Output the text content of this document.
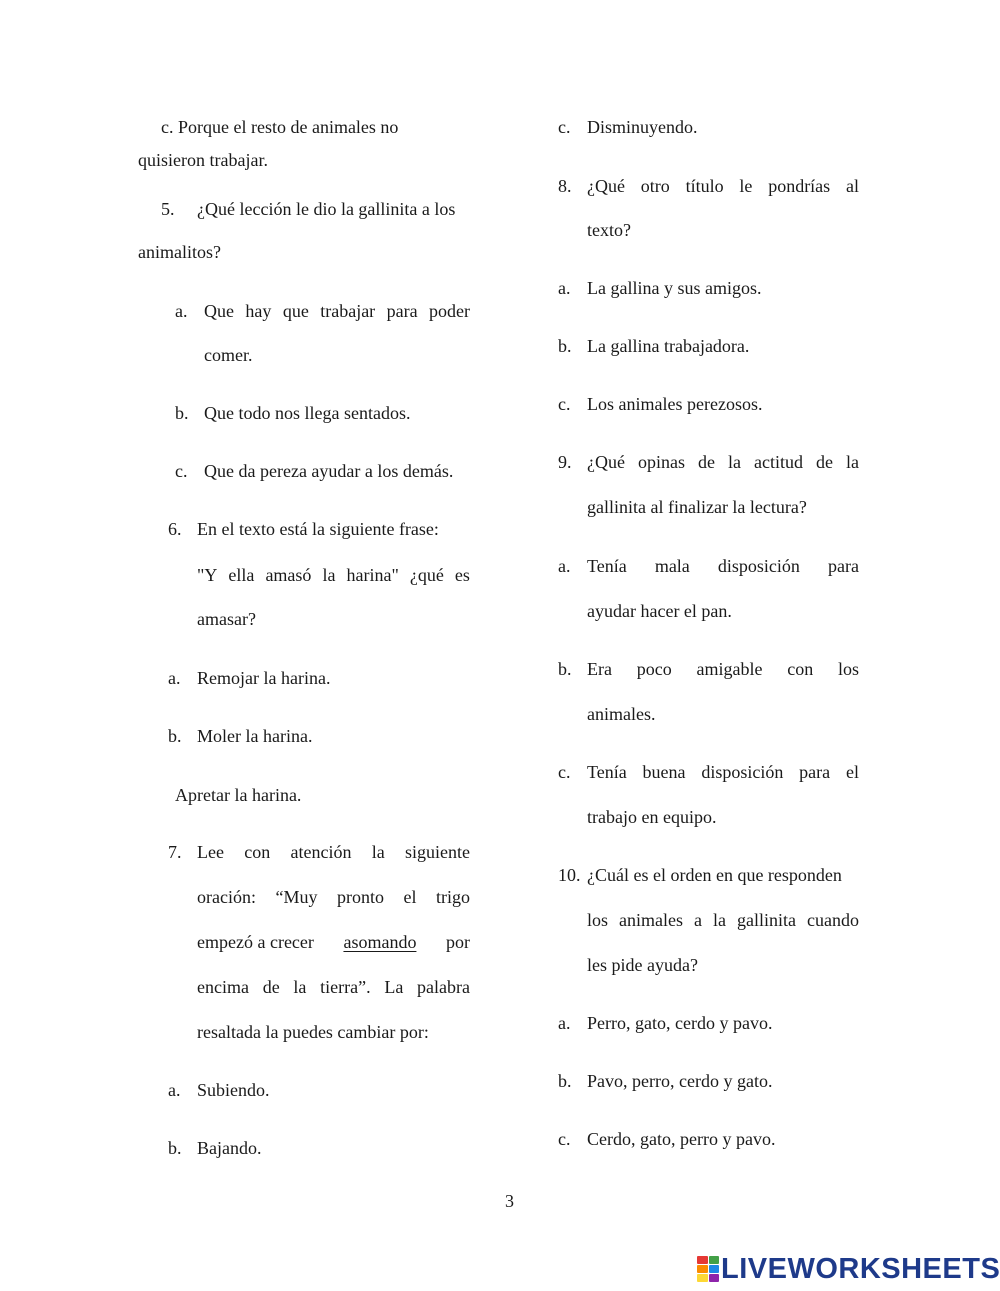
c. Porque el resto de animales no
quisieron trabajar.
5. ¿Qué lección le dio la gallinita a los
animalitos?
a. Que hay que trabajar para poder
comer.
b. Que todo nos llega sentados.
c. Que da pereza ayudar a los demás.
6. En el texto está la siguiente frase:
"Y ella amasó la harina" ¿qué es
amasar?
a. Remojar la harina.
b. Moler la harina.
Apretar la harina.
7. Lee con atención la siguiente
oración: “Muy pronto el trigo
empezó a crecer asomando por
encima de la tierra”. La palabra
resaltada la puedes cambiar por:
a. Subiendo.
b. Bajando.
c. Disminuyendo.
8. ¿Qué otro título le pondrías al
texto?
a. La gallina y sus amigos.
b. La gallina trabajadora.
c. Los animales perezosos.
9. ¿Qué opinas de la actitud de la
gallinita al finalizar la lectura?
a. Tenía mala disposición para
ayudar hacer el pan.
b. Era poco amigable con los
animales.
c. Tenía buena disposición para el
trabajo en equipo.
10. ¿Cuál es el orden en que responden
los animales a la gallinita cuando
les pide ayuda?
a. Perro, gato, cerdo y pavo.
b. Pavo, perro, cerdo y gato.
c. Cerdo, gato, perro y pavo.
3
LIVEWORKSHEETS
